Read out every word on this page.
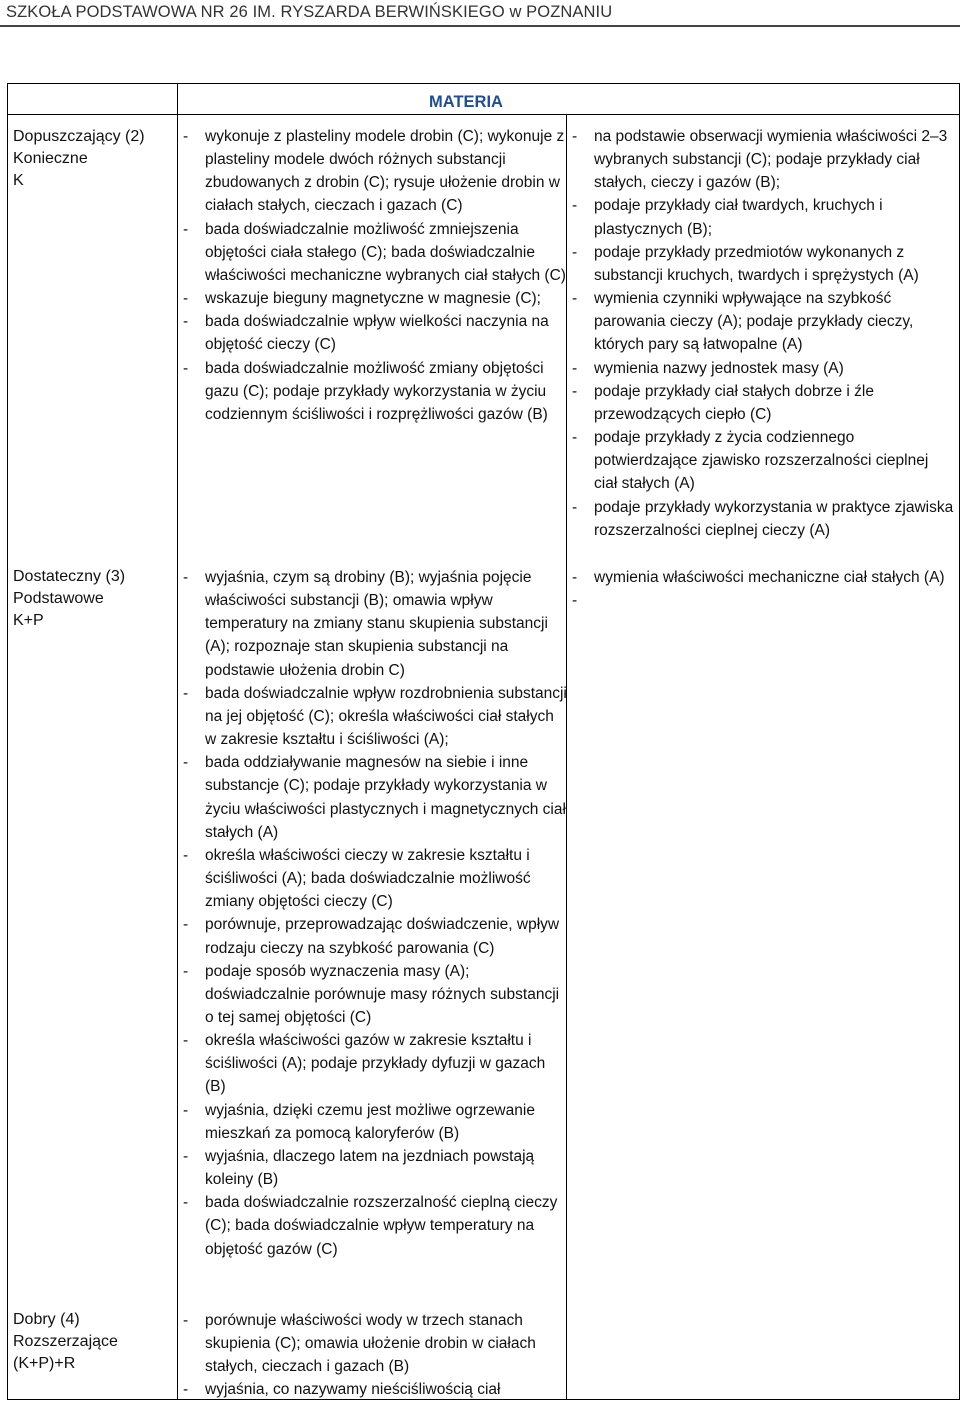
SZKOŁA PODSTAWOWA NR 26 IM. RYSZARDA BERWIŃSKIEGO w POZNANIU
MATERIA
Dopuszczający (2)
Konieczne
K
Dostateczny (3)
Podstawowe
K+P
Dobry (4)
Rozszerzające
(K+P)+R
- wykonuje z plasteliny modele drobin (C); wykonuje z plasteliny modele dwóch różnych substancji zbudowanych z drobin (C); rysuje ułożenie drobin w ciałach stałych, cieczach i gazach (C)
- bada doświadczalnie możliwość zmniejszenia objętości ciała stałego (C); bada doświadczalnie właściwości mechaniczne wybranych ciał stałych (C)
- wskazuje bieguny magnetyczne w magnesie (C);
- bada doświadczalnie wpływ wielkości naczynia na objętość cieczy (C)
- bada doświadczalnie możliwość zmiany objętości gazu (C); podaje przykłady wykorzystania w życiu codziennym ściśliwości i rozprężliwości gazów (B)
- wyjaśnia, czym są drobiny (B); wyjaśnia pojęcie właściwości substancji (B); omawia wpływ temperatury na zmiany stanu skupienia substancji (A); rozpoznaje stan skupienia substancji na podstawie ułożenia drobin C)
- bada doświadczalnie wpływ rozdrobnienia substancji na jej objętość (C); określa właściwości ciał stałych w zakresie kształtu i ściśliwości (A);
- bada oddziaływanie magnesów na siebie i inne substancje (C); podaje przykłady wykorzystania w życiu właściwości plastycznych i magnetycznych ciał stałych (A)
- określa właściwości cieczy w zakresie kształtu i ściśliwości (A); bada doświadczalnie możliwość zmiany objętości cieczy (C)
- porównuje, przeprowadzając doświadczenie, wpływ rodzaju cieczy na szybkość parowania (C)
- podaje sposób wyznaczenia masy (A); doświadczalnie porównuje masy różnych substancji o tej samej objętości (C)
- określa właściwości gazów w zakresie kształtu i ściśliwości (A); podaje przykłady dyfuzji w gazach (B)
- wyjaśnia, dzięki czemu jest możliwe ogrzewanie mieszkań za pomocą kaloryferów (B)
- wyjaśnia, dlaczego latem na jezdniach powstają koleiny (B)
- bada doświadczalnie rozszerzalność cieplną cieczy (C); bada doświadczalnie wpływ temperatury na objętość gazów (C)
- porównuje właściwości wody w trzech stanach skupienia (C); omawia ułożenie drobin w ciałach stałych, cieczach i gazach (B)
- wyjaśnia, co nazywamy nieściśliwością ciał
- na podstawie obserwacji wymienia właściwości 2–3 wybranych substancji (C); podaje przykłady ciał stałych, cieczy i gazów (B);
- podaje przykłady ciał twardych, kruchych i plastycznych (B);
- podaje przykłady przedmiotów wykonanych z substancji kruchych, twardych i sprężystych (A)
- wymienia czynniki wpływające na szybkość parowania cieczy (A); podaje przykłady cieczy, których pary są łatwopalne (A)
- wymienia nazwy jednostek masy (A)
- podaje przykłady ciał stałych dobrze i źle przewodzących ciepło (C)
- podaje przykłady z życia codziennego potwierdzające zjawisko rozszerzalności cieplnej ciał stałych (A)
- podaje przykłady wykorzystania w praktyce zjawiska rozszerzalności cieplnej cieczy (A)
- wymienia właściwości mechaniczne ciał stałych (A)
-
